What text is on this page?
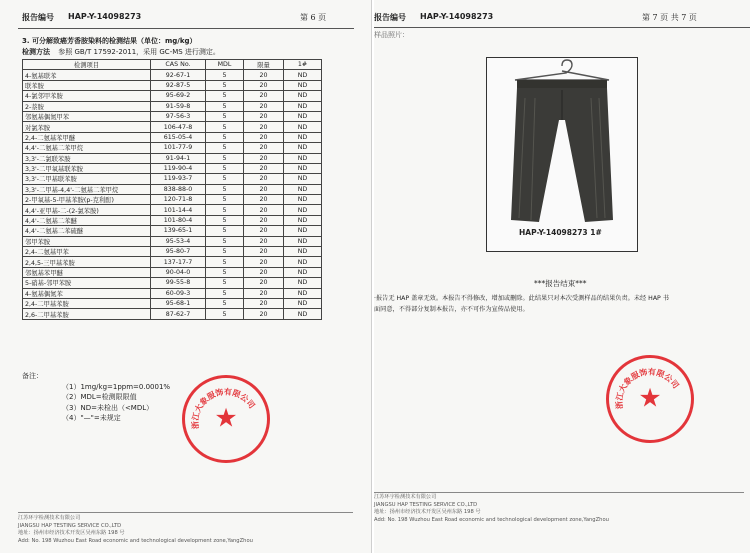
报告编号 HAP-Y-14098273	第 6 页
3. 可分解致癌芳香胺染料的检测结果（单位：mg/kg）
检测方法 参照 GB/T 17592-2011，采用 GC-MS 进行测定。
检测项目	CAS No.	MDL	限量	1#
4-氨基联苯	92-67-1	5	20	ND
联苯胺	92-87-5	5	20	ND
4-氯邻甲苯胺	95-69-2	5	20	ND
2-萘胺	91-59-8	5	20	ND
邻氨基偶氮甲苯	97-56-3	5	20	ND
对氯苯胺	106-47-8	5	20	ND
2,4-二氨基苯甲醚	615-05-4	5	20	ND
4,4'-二氨基二苯甲烷	101-77-9	5	20	ND
3,3'-二氯联苯胺	91-94-1	5	20	ND
3,3'-二甲氧基联苯胺	119-90-4	5	20	ND
3,3'-二甲基联苯胺	119-93-7	5	20	ND
3,3'-二甲基-4,4'-二氨基二苯甲烷	838-88-0	5	20	ND
2-甲氧基-5-甲基苯胺(p-克利酊)	120-71-8	5	20	ND
4,4'-亚甲基-二-(2-氯苯胺)	101-14-4	5	20	ND
4,4'-二氨基二苯醚	101-80-4	5	20	ND
4,4'-二氨基二苯硫醚	139-65-1	5	20	ND
邻甲苯胺	95-53-4	5	20	ND
2,4-二氨基甲苯	95-80-7	5	20	ND
2,4,5-三甲基苯胺	137-17-7	5	20	ND
邻氨基苯甲醚	90-04-0	5	20	ND
5-硝基-邻甲苯胺	99-55-8	5	20	ND
4-氨基偶氮苯	60-09-3	5	20	ND
2,4-二甲基苯胺	95-68-1	5	20	ND
2,6-二甲基苯胺	87-62-7	5	20	ND
备注：
（1）1mg/kg=1ppm=0.0001%
（2）MDL=检测限限值
（3）ND=未检出（<MDL）
（4）"—"=未规定
浙江大象服饰有限公司
★
江苏环宇检测技术有限公司
JIANGSU HAP TESTING SERVICE CO.,LTD
地址：扬州市经济技术开发区吴州东路 198 号
Add: No. 198 Wuzhou East Road economic and technological development zone,YangZhou
报告编号 HAP-Y-14098273	第 7 页 共 7 页
样品照片：
HAP-Y-14098273 1#
***报告结束***
·报告无 HAP 盖章无效。本报告不得修改，增加或删除。此结果只对本次受测样品的结果负责。未经 HAP 书
面同意，不得部分复制本报告，亦不可作为宣传品使用。
浙江大象服饰有限公司
★
江苏环宇检测技术有限公司
JIANGSU HAP TESTING SERVICE CO.,LTD
地址：扬州市经济技术开发区吴州东路 198 号
Add: No. 198 Wuzhou East Road economic and technological development zone,YangZhou
